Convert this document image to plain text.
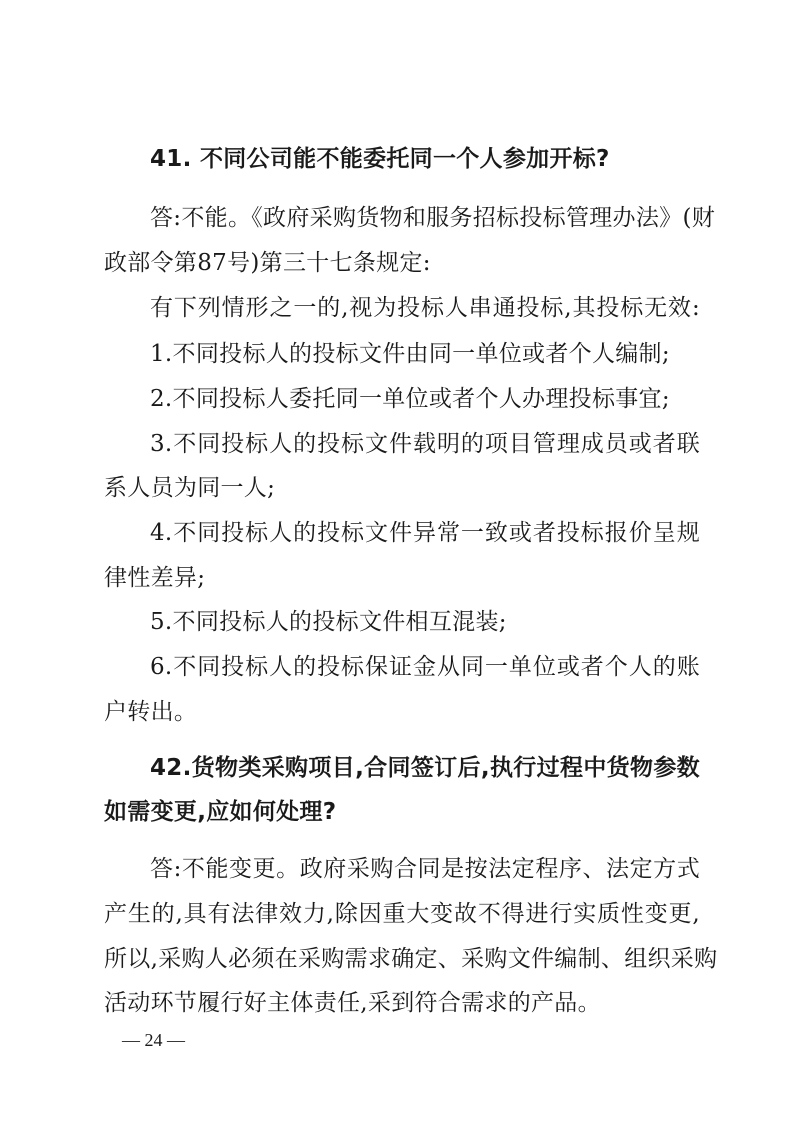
41. 不同公司能不能委托同一个人参加开标?
答:不能。《政府采购货物和服务招标投标管理办法》(财
政部令第87号)第三十七条规定:
有下列情形之一的,视为投标人串通投标,其投标无效:
1.不同投标人的投标文件由同一单位或者个人编制;
2.不同投标人委托同一单位或者个人办理投标事宜;
3.不同投标人的投标文件载明的项目管理成员或者联
系人员为同一人;
4.不同投标人的投标文件异常一致或者投标报价呈规
律性差异;
5.不同投标人的投标文件相互混装;
6.不同投标人的投标保证金从同一单位或者个人的账
户转出。
42.货物类采购项目,合同签订后,执行过程中货物参数
如需变更,应如何处理?
答:不能变更。政府采购合同是按法定程序、法定方式
产生的,具有法律效力,除因重大变故不得进行实质性变更,
所以,采购人必须在采购需求确定、采购文件编制、组织采购
活动环节履行好主体责任,采到符合需求的产品。
— 24 —
